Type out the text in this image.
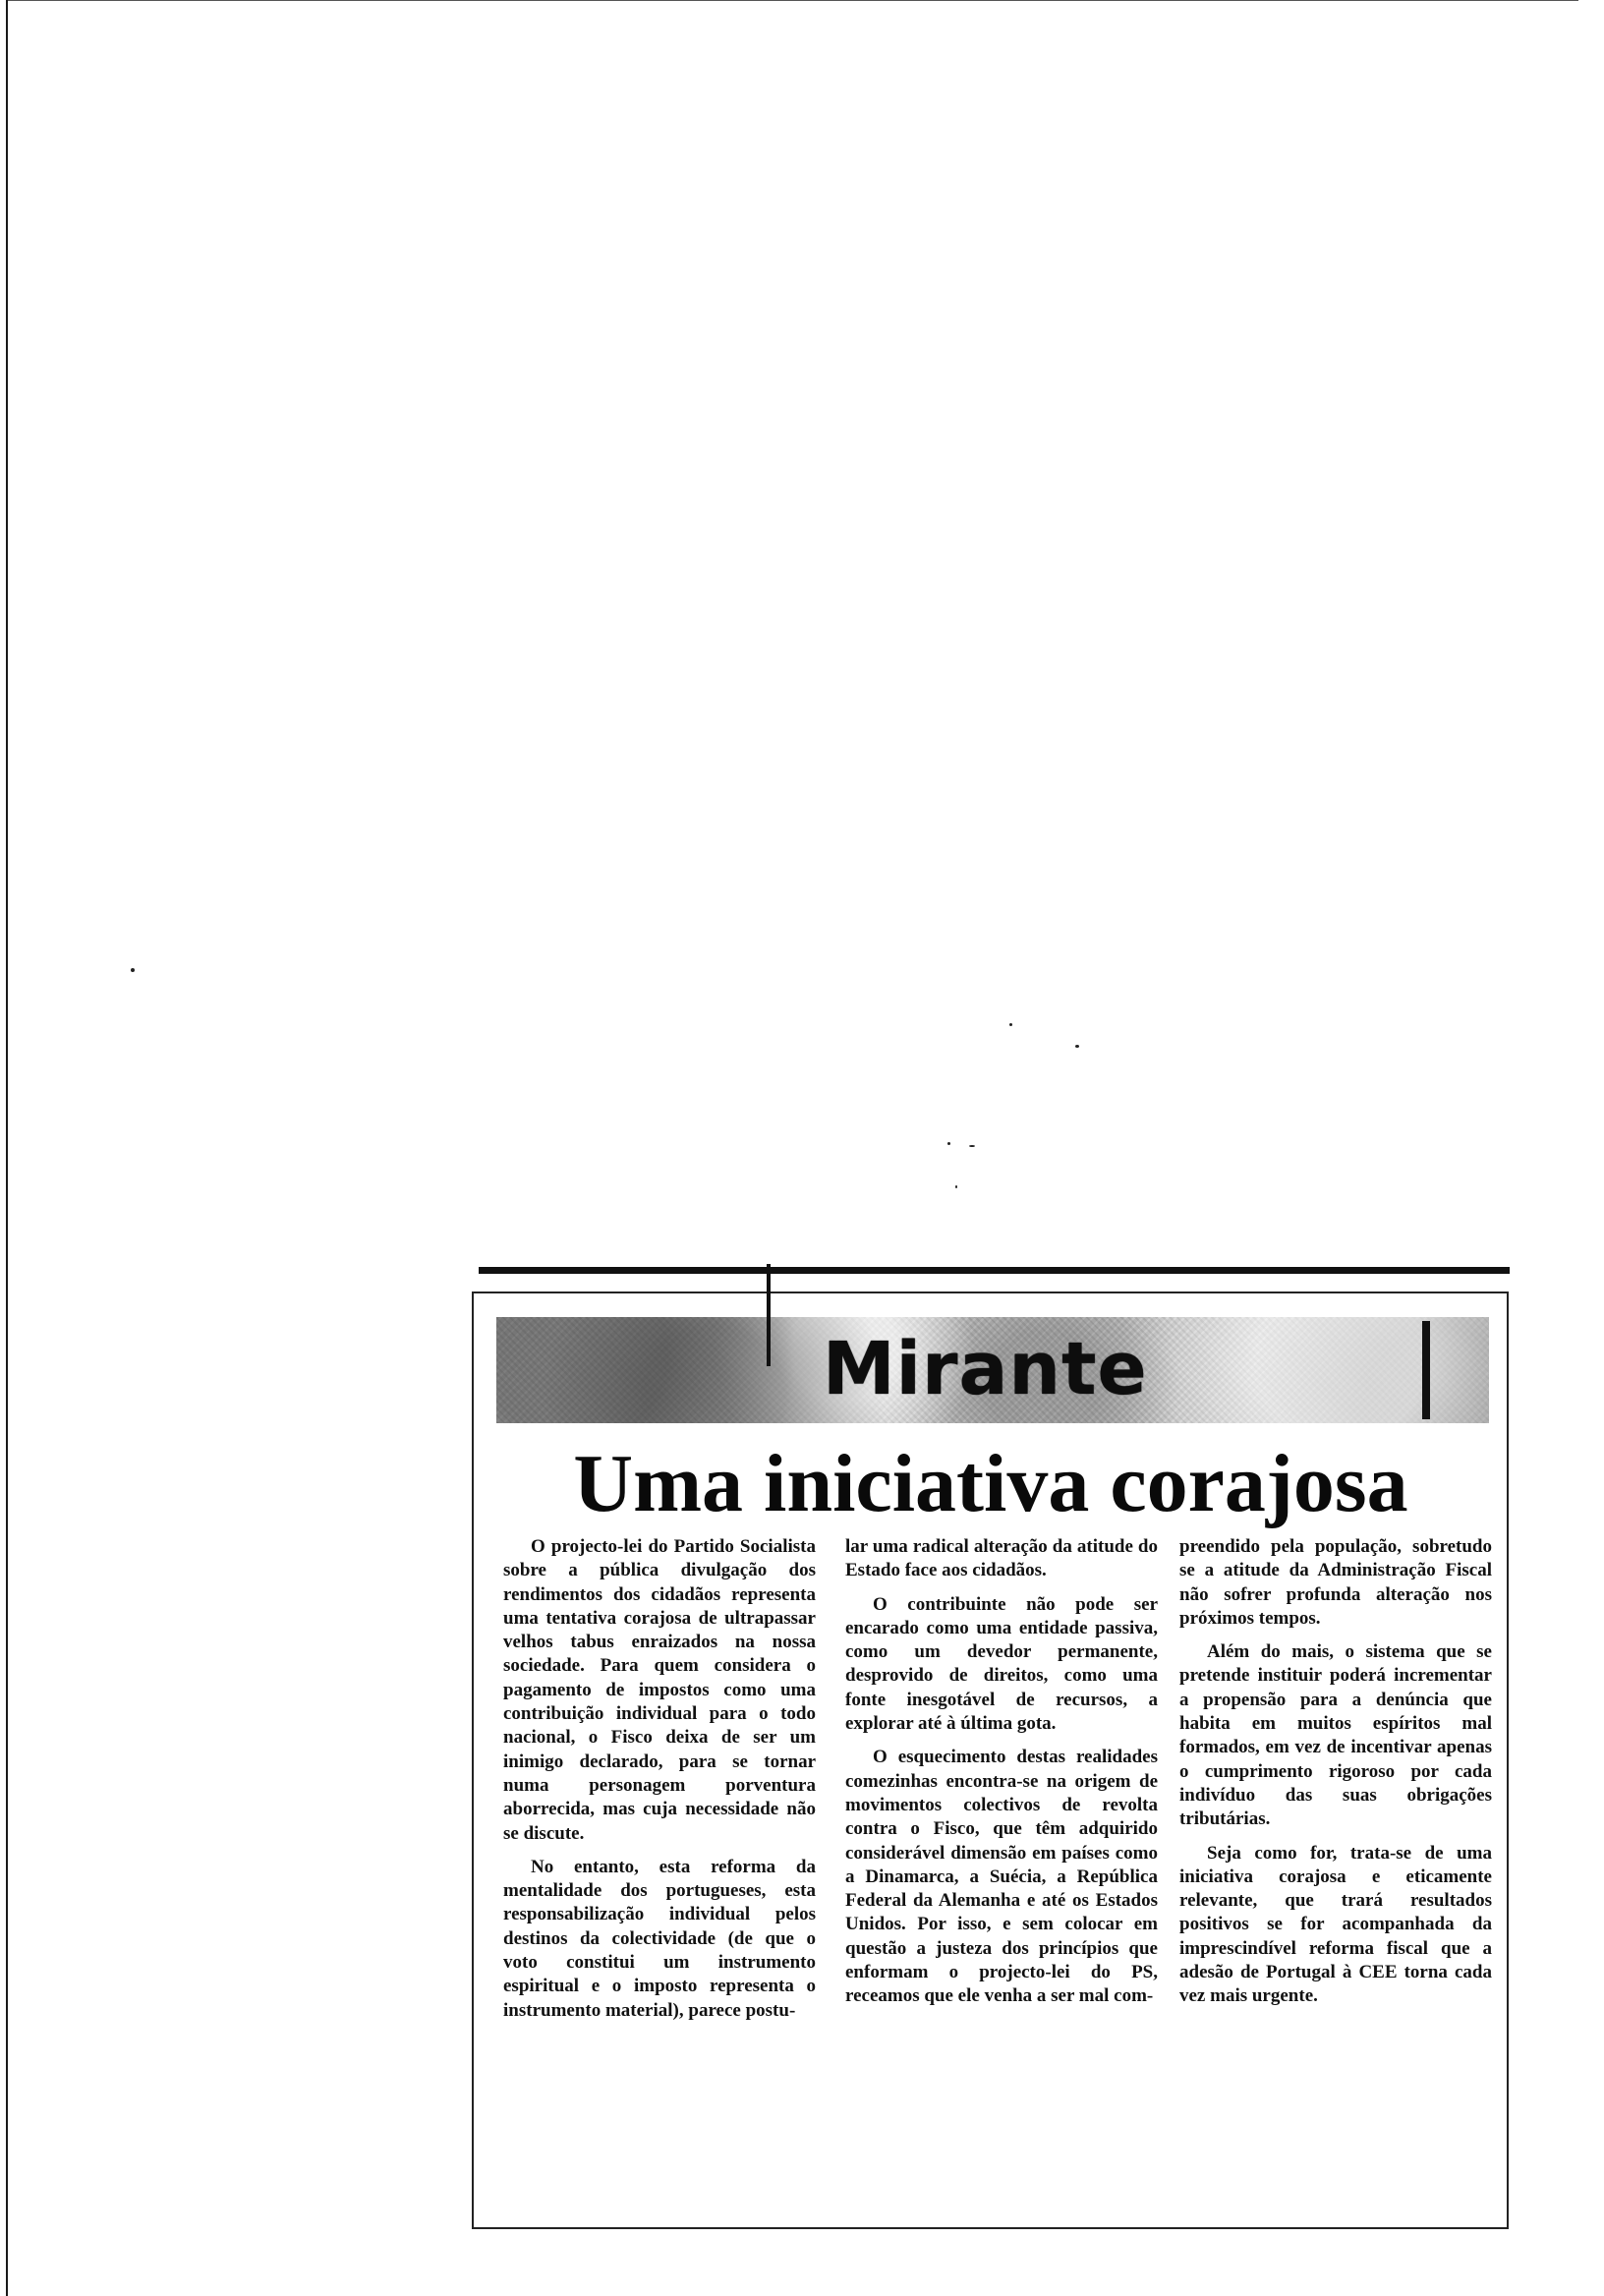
Mirante
Uma iniciativa corajosa

O projecto-lei do Partido Socialista sobre a pública divulgação dos rendimentos dos cidadãos representa uma tentativa corajosa de ultrapassar velhos tabus enraizados na nossa sociedade. Para quem considera o pagamento de impostos como uma contribuição individual para o todo nacional, o Fisco deixa de ser um inimigo declarado, para se tornar numa personagem porventura aborrecida, mas cuja necessidade não se discute.

No entanto, esta reforma da mentalidade dos portugueses, esta responsabilização individual pelos destinos da colectividade (de que o voto constitui um instrumento espiritual e o imposto representa o instrumento material), parece postu-

lar uma radical alteração da atitude do Estado face aos cidadãos.

O contribuinte não pode ser encarado como uma entidade passiva, como um devedor permanente, desprovido de direitos, como uma fonte inesgotável de recursos, a explorar até à última gota.

O esquecimento destas realidades comezinhas encontra-se na origem de movimentos colectivos de revolta contra o Fisco, que têm adquirido considerável dimensão em países como a Dinamarca, a Suécia, a República Federal da Alemanha e até os Estados Unidos. Por isso, e sem colocar em questão a justeza dos princípios que enformam o projecto-lei do PS, receamos que ele venha a ser mal com-

preendido pela população, sobretudo se a atitude da Administração Fiscal não sofrer profunda alteração nos próximos tempos.

Além do mais, o sistema que se pretende instituir poderá incrementar a propensão para a denúncia que habita em muitos espíritos mal formados, em vez de incentivar apenas o cumprimento rigoroso por cada indivíduo das suas obrigações tributárias.

Seja como for, trata-se de uma iniciativa corajosa e eticamente relevante, que trará resultados positivos se for acompanhada da imprescindível reforma fiscal que a adesão de Portugal à CEE torna cada vez mais urgente.
